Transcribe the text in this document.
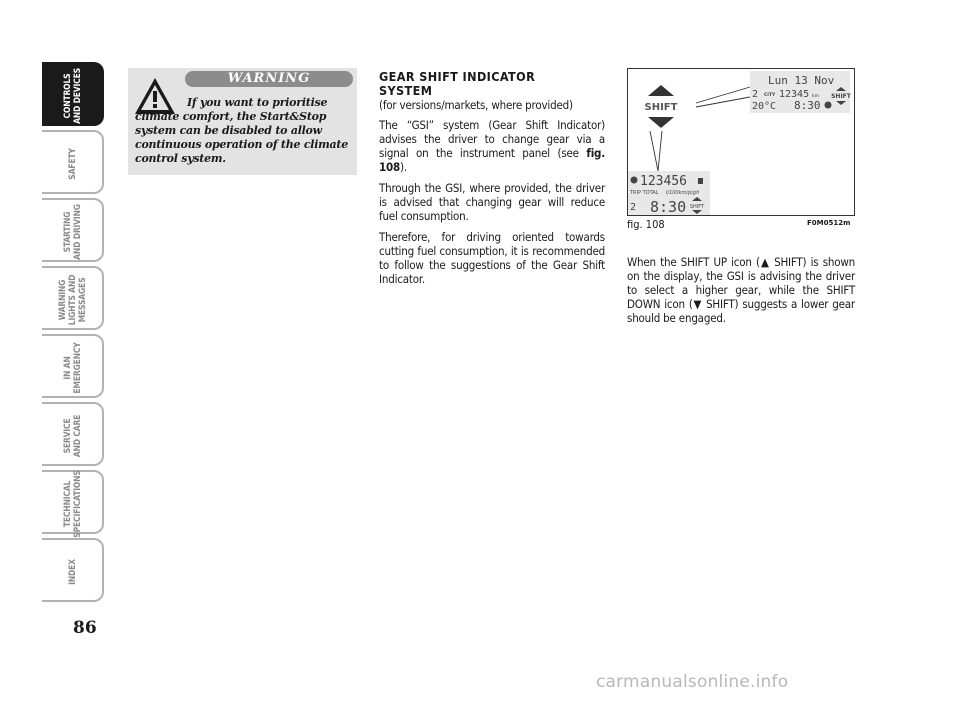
CONTROLS
AND DEVICES
SAFETY
STARTING
AND DRIVING
WARNING
LIGHTS AND
MESSAGES
IN AN
EMERGENCY
SERVICE
AND CARE
TECHNICAL
SPECIFICATIONS
INDEX
86
WARNING
If you want to prioritise climate comfort, the Start&Stop system can be disabled to allow continuous operation of the climate control system.
GEAR SHIFT INDICATOR
SYSTEM

(for versions/markets, where provided)

The “GSI” system (Gear Shift Indicator) advises the driver to change gear via a signal on the instrument panel (see fig. 108).

Through the GSI, where provided, the driver is advised that changing gear will reduce fuel consumption.

Therefore, for driving oriented towards cutting fuel consumption, it is recommended to follow the suggestions of the Gear Shift Indicator.

SHIFT
Lun 13 Nov
2 CITY 12345 km SHIFT
20°C 8:30
123456
TRIP TOTAL l/100km/p/gh
2 8:30 SHIFT
fig. 108	F0M0512m

When the SHIFT UP icon (▲ SHIFT) is shown on the display, the GSI is advising the driver to select a higher gear, while the SHIFT DOWN icon (▼ SHIFT) suggests a lower gear should be engaged.

carmanualsonline.info
